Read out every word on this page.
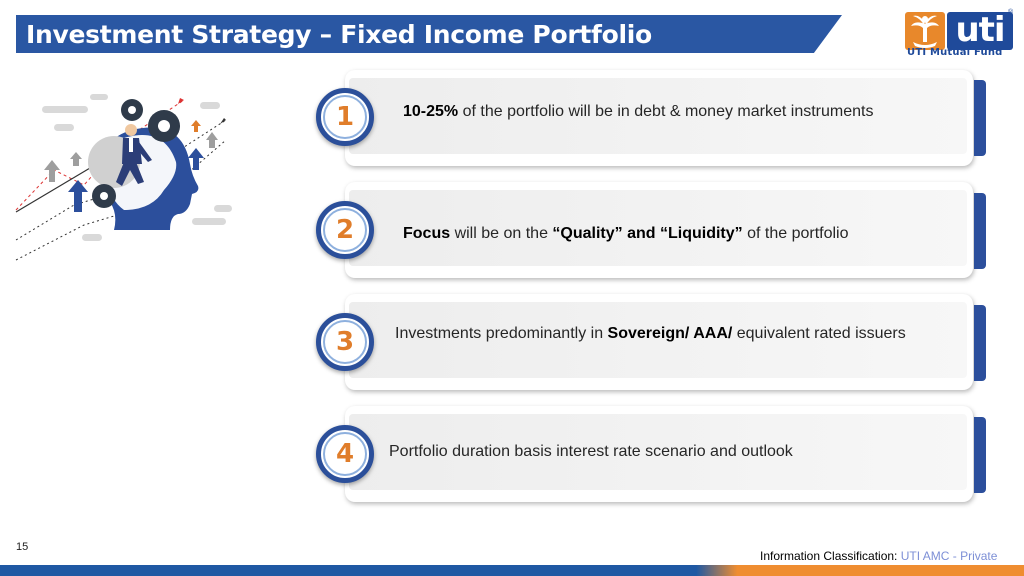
Investment Strategy – Fixed Income Portfolio	uti ®
UTI Mutual Fund
1	10-25% of the portfolio will be in debt & money market instruments
2	Focus will be on the “Quality” and “Liquidity” of the portfolio
3	Investments predominantly in Sovereign/ AAA/ equivalent rated issuers
4	Portfolio duration basis interest rate scenario and outlook
15
Information Classification: UTI AMC - Private
